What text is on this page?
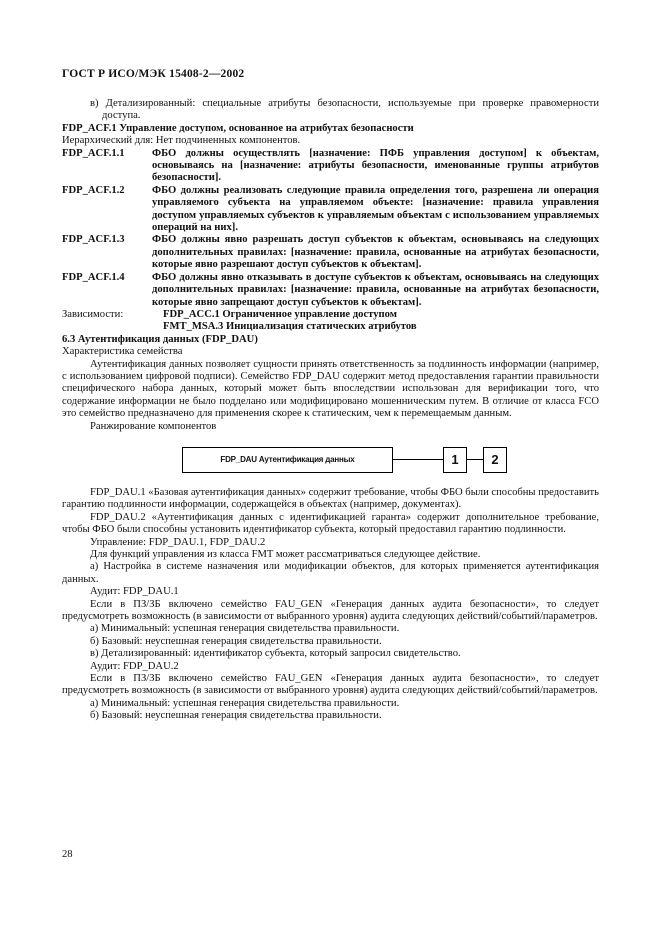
ГОСТ Р ИСО/МЭК 15408-2—2002

в) Детализированный: специальные атрибуты безопасности, используемые при проверке правомерности доступа.

FDP_ACF.1 Управление доступом, основанное на атрибутах безопасности

Иерархический для: Нет подчиненных компонентов.

FDP_ACF.1.1	ФБО должны осуществлять [назначение: ПФБ управления доступом] к объектам, основываясь на [назначение: атрибуты безопасности, именованные группы атрибутов безопасности].
FDP_ACF.1.2	ФБО должны реализовать следующие правила определения того, разрешена ли операция управляемого субъекта на управляемом объекте: [назначение: правила управления доступом управляемых субъектов к управляемым объектам с использованием управляемых операций на них].
FDP_ACF.1.3	ФБО должны явно разрешать доступ субъектов к объектам, основываясь на следующих дополнительных правилах: [назначение: правила, основанные на атрибутах безопасности, которые явно разрешают доступ субъектов к объектам].
FDP_ACF.1.4	ФБО должны явно отказывать в доступе субъектов к объектам, основываясь на следующих дополнительных правилах: [назначение: правила, основанные на атрибутах безопасности, которые явно запрещают доступ субъектов к объектам].
Зависимости:	FDP_ACC.1 Ограниченное управление доступом
FMT_MSA.3 Инициализация статических атрибутов

6.3 Аутентификация данных (FDP_DAU)

Характеристика семейства

Аутентификация данных позволяет сущности принять ответственность за подлинность информации (например, с использованием цифровой подписи). Семейство FDP_DAU содержит метод предоставления гарантии правильности специфического набора данных, который может быть впоследствии использован для верификации того, что содержание информации не было подделано или модифицировано мошенническим путем. В отличие от класса FCO это семейство предназначено для применения скорее к статическим, чем к перемещаемым данным.

Ранжирование компонентов

FDP_DAU Аутентификация данных	1	2

FDP_DAU.1 «Базовая аутентификация данных» содержит требование, чтобы ФБО были способны предоставить гарантию подлинности информации, содержащейся в объектах (например, документах).

FDP_DAU.2 «Аутентификация данных с идентификацией гаранта» содержит дополнительное требование, чтобы ФБО были способны установить идентификатор субъекта, который предоставил гарантию подлинности.

Управление: FDP_DAU.1, FDP_DAU.2

Для функций управления из класса FMT может рассматриваться следующее действие.

а) Настройка в системе назначения или модификации объектов, для которых применяется аутентификация данных.

Аудит: FDP_DAU.1

Если в ПЗ/ЗБ включено семейство FAU_GEN «Генерация данных аудита безопасности», то следует предусмотреть возможность (в зависимости от выбранного уровня) аудита следующих действий/событий/параметров.

а) Минимальный: успешная генерация свидетельства правильности.

б) Базовый: неуспешная генерация свидетельства правильности.

в) Детализированный: идентификатор субъекта, который запросил свидетельство.

Аудит: FDP_DAU.2

Если в ПЗ/ЗБ включено семейство FAU_GEN «Генерация данных аудита безопасности», то следует предусмотреть возможность (в зависимости от выбранного уровня) аудита следующих действий/событий/параметров.

а) Минимальный: успешная генерация свидетельства правильности.

б) Базовый: неуспешная генерация свидетельства правильности.

28
